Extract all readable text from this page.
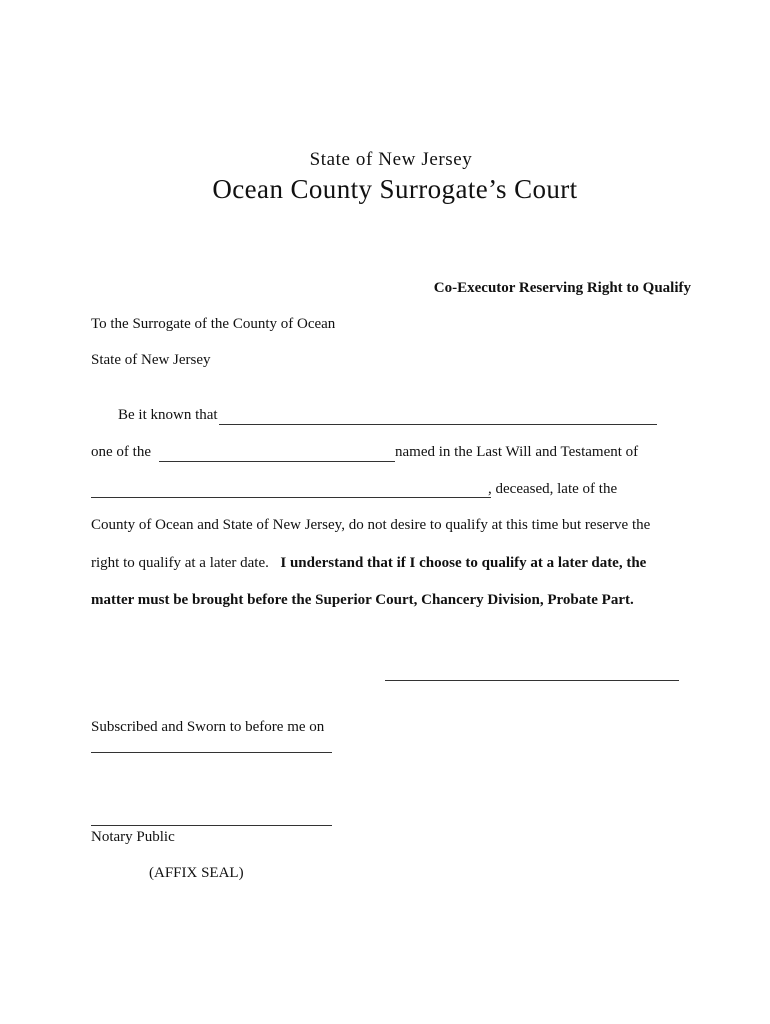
State of New Jersey
Ocean County Surrogate’s Court
Co-Executor Reserving Right to Qualify
To the Surrogate of the County of Ocean
State of New Jersey
Be it known that
one of the	named in the Last Will and Testament of
, deceased, late of the
County of Ocean and State of New Jersey, do not desire to qualify at this time but reserve the
right to qualify at a later date. I understand that if I choose to qualify at a later date, the
matter must be brought before the Superior Court, Chancery Division, Probate Part.
Subscribed and Sworn to before me on
Notary Public
(AFFIX SEAL)
